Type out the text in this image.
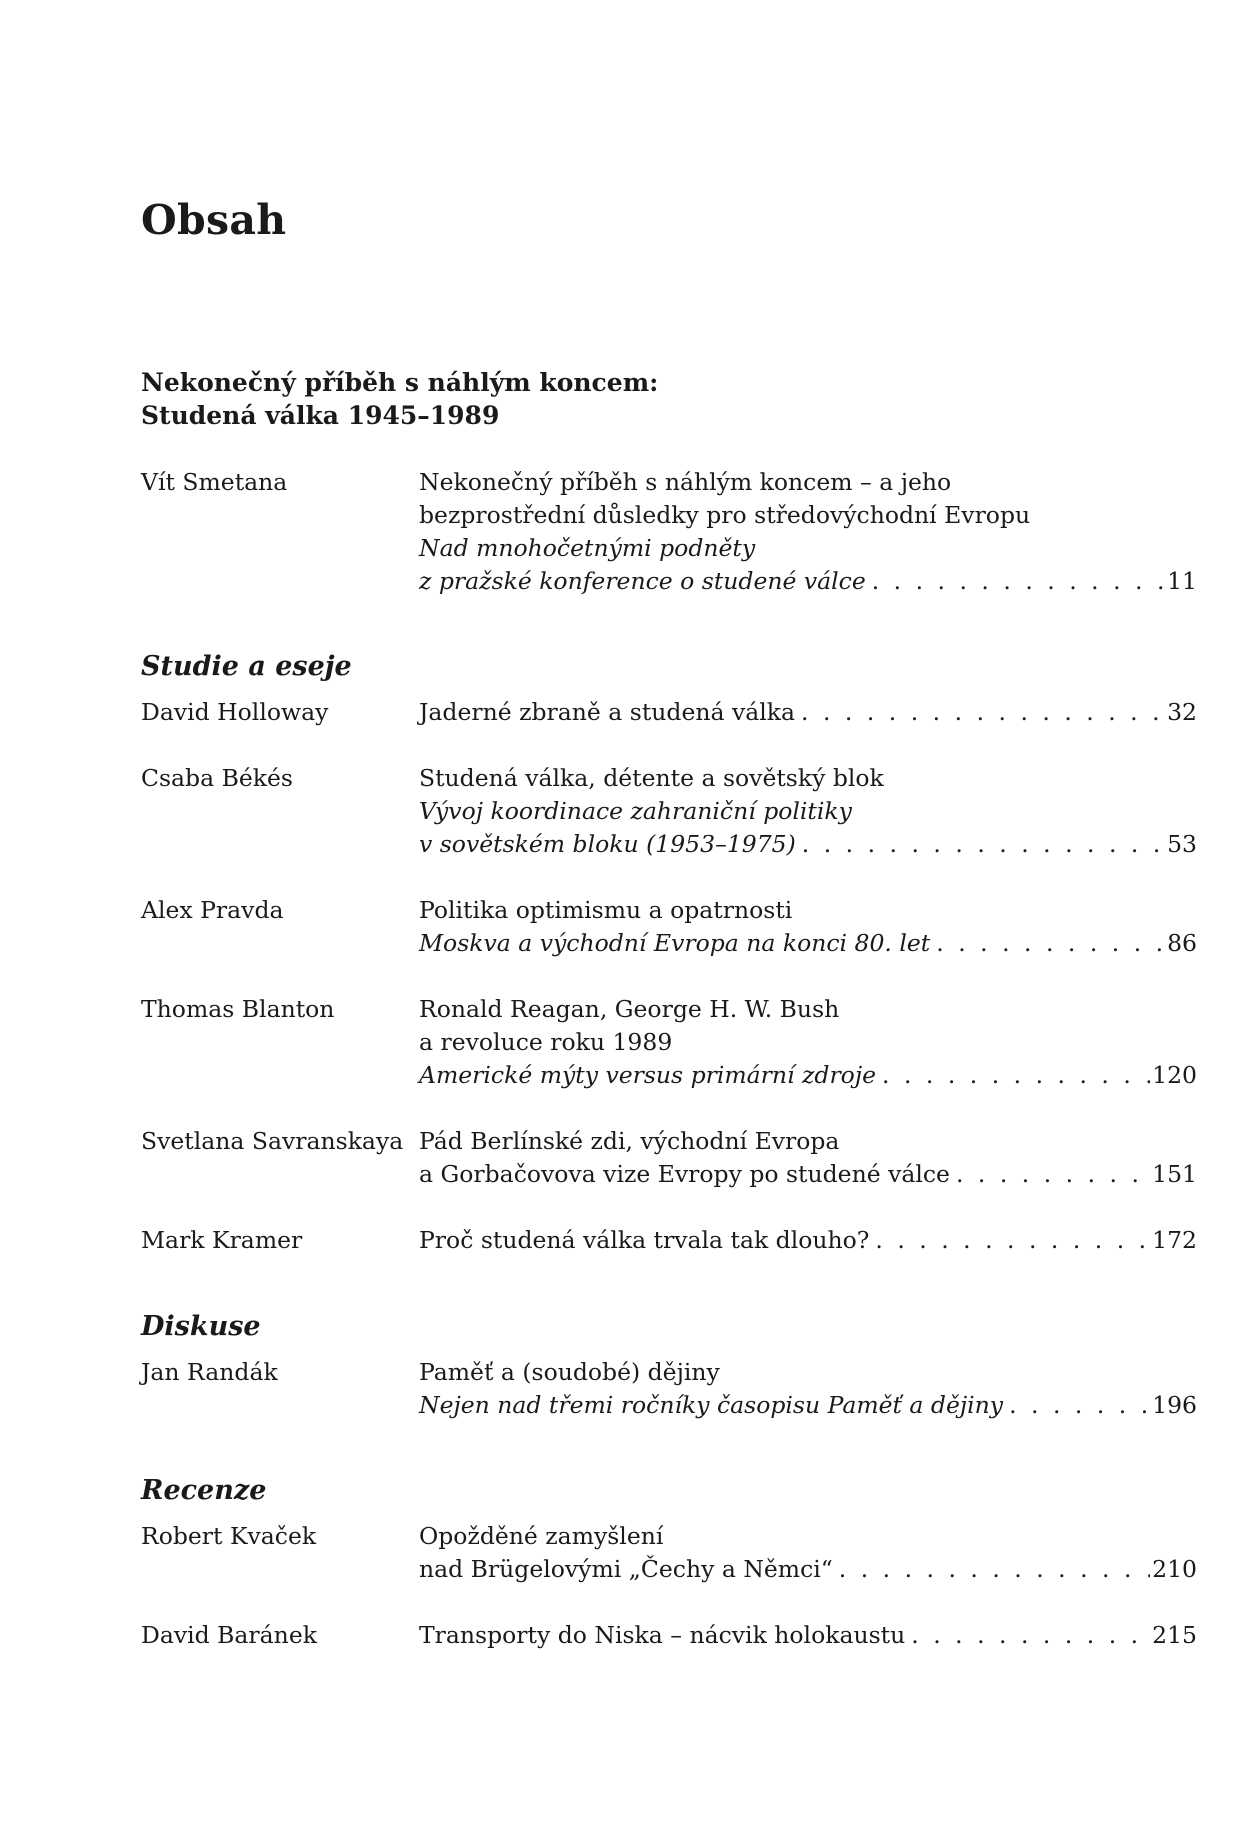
Obsah
Nekonečný příběh s náhlým koncem:
Studená válka 1945–1989
Vít Smetana	Nekonečný příběh s náhlým koncem – a jeho
bezprostřední důsledky pro středovýchodní Evropu
Nad mnohočetnými podněty
z pražské konference o studené válce . . .	11
Studie a eseje
David Holloway	Jaderné zbraně a studená válka . . .	32
Csaba Békés	Studená válka, détente a sovětský blok
Vývoj koordinace zahraniční politiky
v sovětském bloku (1953–1975) . . .	53
Alex Pravda	Politika optimismu a opatrnosti
Moskva a východní Evropa na konci 80. let . . .	86
Thomas Blanton	Ronald Reagan, George H. W. Bush
a revoluce roku 1989
Americké mýty versus primární zdroje . . .	120
Svetlana Savranskaya Pád Berlínské zdi, východní Evropa
a Gorbačovova vize Evropy po studené válce . . .	151
Mark Kramer	Proč studená válka trvala tak dlouho? . . .	172
Diskuse
Jan Randák	Paměť a (soudobé) dějiny
Nejen nad třemi ročníky časopisu Paměť a dějiny . . .	196
Recenze
Robert Kvaček	Opožděné zamyšlení
nad Brügelovými „Čechy a Němci“ . . .	210
David Baránek	Transporty do Niska – nácvik holokaustu . . .	215
